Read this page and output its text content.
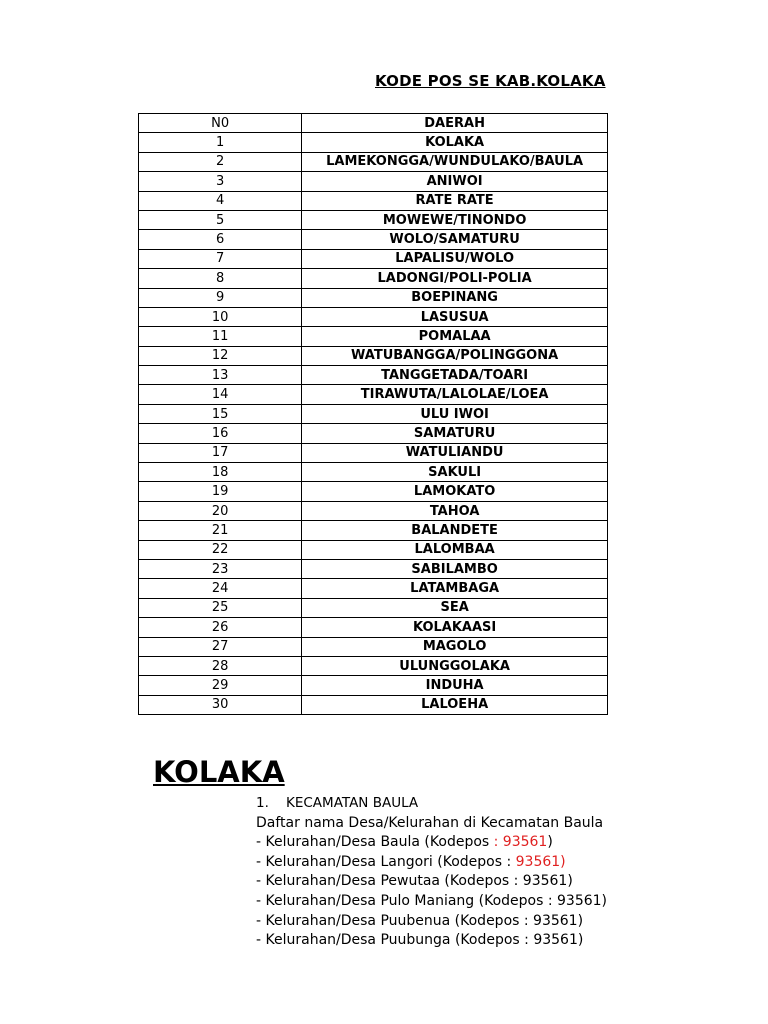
KODE POS SE KAB.KOLAKA
N0	DAERAH
1	KOLAKA
2	LAMEKONGGA/WUNDULAKO/BAULA
3	ANIWOI
4	RATE RATE
5	MOWEWE/TINONDO
6	WOLO/SAMATURU
7	LAPALISU/WOLO
8	LADONGI/POLI-POLIA
9	BOEPINANG
10	LASUSUA
11	POMALAA
12	WATUBANGGA/POLINGGONA
13	TANGGETADA/TOARI
14	TIRAWUTA/LALOLAE/LOEA
15	ULU IWOI
16	SAMATURU
17	WATULIANDU
18	SAKULI
19	LAMOKATO
20	TAHOA
21	BALANDETE
22	LALOMBAA
23	SABILAMBO
24	LATAMBAGA
25	SEA
26	KOLAKAASI
27	MAGOLO
28	ULUNGGOLAKA
29	INDUHA
30	LALOEHA
KOLAKA
1. KECAMATAN BAULA
Daftar nama Desa/Kelurahan di Kecamatan Baula
- Kelurahan/Desa Baula (Kodepos : 93561)
- Kelurahan/Desa Langori (Kodepos : 93561)
- Kelurahan/Desa Pewutaa (Kodepos : 93561)
- Kelurahan/Desa Pulo Maniang (Kodepos : 93561)
- Kelurahan/Desa Puubenua (Kodepos : 93561)
- Kelurahan/Desa Puubunga (Kodepos : 93561)
